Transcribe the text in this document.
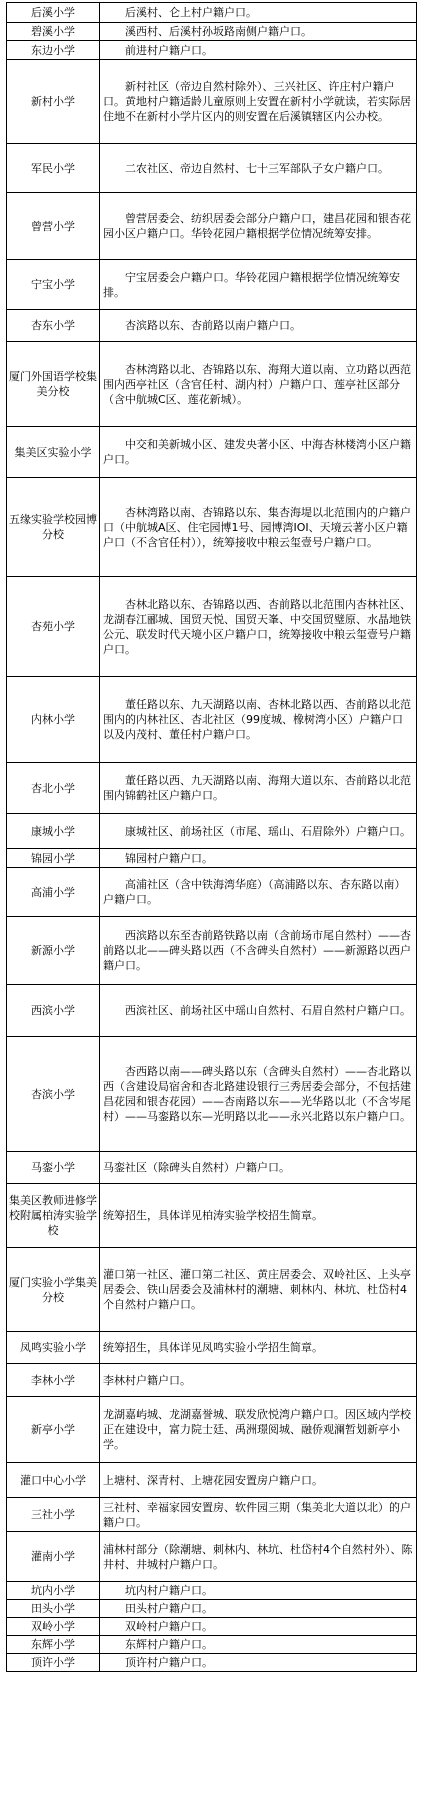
后溪小学	后溪村、仑上村户籍户口。
碧溪小学	溪西村、后溪村孙坂路南侧户籍户口。
东边小学	前进村户籍户口。
新村小学	新村社区（帝边自然村除外）、三兴社区、许庄村户籍户口。黄地村户籍适龄儿童原则上安置在新村小学就读，若实际居住地不在新村小学片区内的则安置在后溪镇辖区内公办校。
军民小学	二农社区、帝边自然村、七十三军部队子女户籍户口。
曾营小学	曾营居委会、纺织居委会部分户籍户口，建昌花园和银杏花园小区户籍户口。华铃花园户籍根据学位情况统筹安排。
宁宝小学	宁宝居委会户籍户口。华铃花园户籍根据学位情况统筹安排。
杏东小学	杏滨路以东、杏前路以南户籍户口。
厦门外国语学校集美分校	杏林湾路以北、杏锦路以东、海翔大道以南、立功路以西范围内西亭社区（含官任村、湖内村）户籍户口、莲亭社区部分（含中航城C区、莲花新城）。
集美区实验小学	中交和美新城小区、建发央著小区、中海杏林楼湾小区户籍户口。
五缘实验学校园博分校	杏林湾路以南、杏锦路以东、集杏海堤以北范围内的户籍户口（中航城A区、住宅园博1号、园博湾IOI、天境云著小区户籍户口（不含官任村）），统筹接收中粮云玺壹号户籍户口。
杏苑小学	杏林北路以东、杏锦路以西、杏前路以北范围内杏林社区、龙湖春江郦城、国贸天悦、国贸天峯、中交国贸璧原、水晶地铁公元、联发时代天境小区户籍户口，统筹接收中粮云玺壹号户籍户口。
内林小学	董任路以东、九天湖路以南、杏林北路以西、杏前路以北范围内的内林社区、杏北社区（99度城、橡树湾小区）户籍户口以及内茂村、董任村户籍户口。
杏北小学	董任路以西、九天湖路以南、海翔大道以东、杏前路以北范围内锦鹤社区户籍户口。
康城小学	康城社区、前场社区（市尾、瑶山、石眉除外）户籍户口。
锦园小学	锦园村户籍户口。
高浦小学	高浦社区（含中铁海湾华庭）（高浦路以东、杏东路以南）户籍户口。
新源小学	西滨路以东至杏前路铁路以南（含前场市尾自然村）——杏前路以北——碑头路以西（不含碑头自然村）——新源路以西户籍户口。
西滨小学	西滨社区、前场社区中瑶山自然村、石眉自然村户籍户口。
杏滨小学	杏西路以南——碑头路以东（含碑头自然村）——杏北路以西（含建设局宿舍和杏北路建设银行三秀居委会部分，不包括建昌花园和银杏花园）——杏南路以东——光华路以北（不含岑尾村）——马銮路以东—光明路以北——永兴北路以东户籍户口。
马銮小学	马銮社区（除碑头自然村）户籍户口。
集美区教师进修学校附属柏涛实验学校	统筹招生，具体详见柏涛实验学校招生简章。
厦门实验小学集美分校	灌口第一社区、灌口第二社区、黄庄居委会、双岭社区、上头亭居委会、铁山居委会及浦林村的潮塘、刺林内、林坑、杜岱村4个自然村户籍户口。
凤鸣实验小学	统筹招生，具体详见凤鸣实验小学招生简章。
李林小学	李林村户籍户口。
新亭小学	龙湖嘉屿城、龙湖嘉誉城、联发欣悦湾户籍户口。因区域内学校正在建设中，富力院士廷、禹洲璟阅城、融侨观澜暂划新亭小学。
灌口中心小学	上塘村、深青村、上塘花园安置房户籍户口。
三社小学	三社村、幸福家园安置房、软件园三期（集美北大道以北）的户籍户口。
灌南小学	浦林村部分（除潮塘、刺林内、林坑、杜岱村4个自然村外）、陈井村、井城村户籍户口。
坑内小学	坑内村户籍户口。
田头小学	田头村户籍户口。
双岭小学	双岭村户籍户口。
东辉小学	东辉村户籍户口。
顶许小学	顶许村户籍户口。
